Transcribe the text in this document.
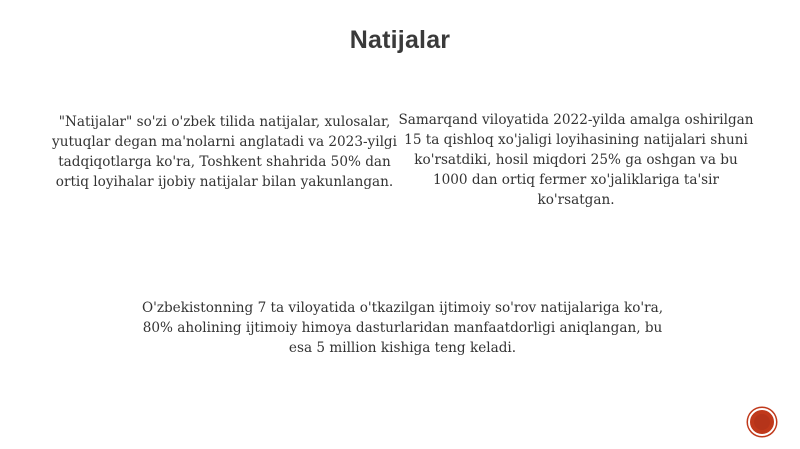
Natijalar

"Natijalar" so'zi o'zbek tilida natijalar, xulosalar, yutuqlar degan ma'nolarni anglatadi va 2023-yilgi tadqiqotlarga ko'ra, Toshkent shahrida 50% dan ortiq loyihalar ijobiy natijalar bilan yakunlangan.

Samarqand viloyatida 2022-yilda amalga oshirilgan 15 ta qishloq xo'jaligi loyihasining natijalari shuni ko'rsatdiki, hosil miqdori 25% ga oshgan va bu 1000 dan ortiq fermer xo'jaliklariga ta'sir ko'rsatgan.

O'zbekistonning 7 ta viloyatida o'tkazilgan ijtimoiy so'rov natijalariga ko'ra, 80% aholining ijtimoiy himoya dasturlaridan manfaatdorligi aniqlangan, bu esa 5 million kishiga teng keladi.
